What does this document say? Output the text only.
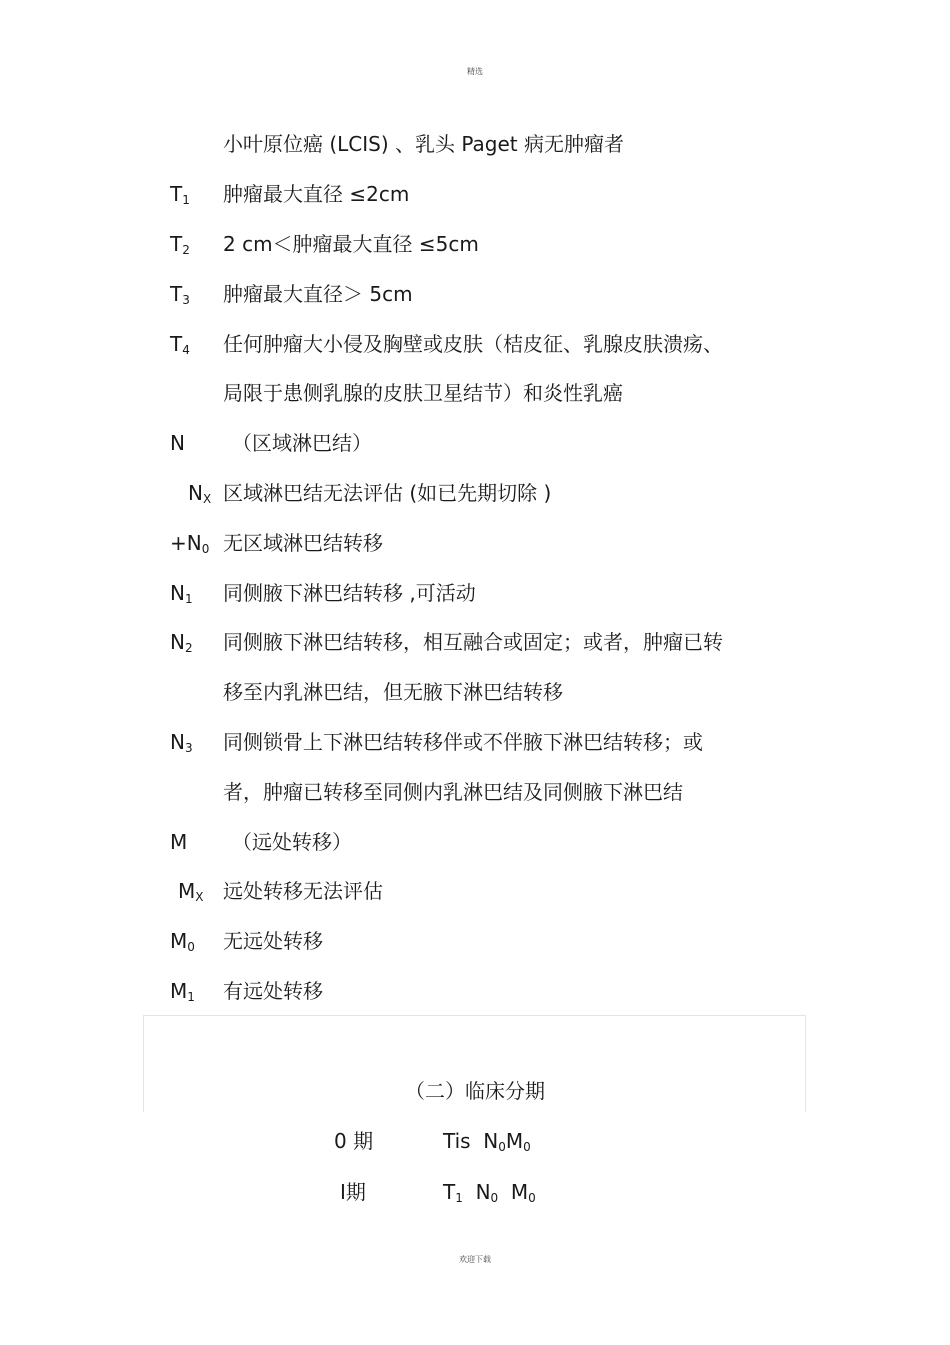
精选
小叶原位癌 (LCIS) 、乳头 Paget 病无肿瘤者
$T_1$ 肿瘤最大直径 ≤2cm
$T_2$ 2 cm＜肿瘤最大直径 ≤5cm
$T_3$ 肿瘤最大直径＞ 5cm
$T_4$ 任何肿瘤大小侵及胸壁或皮肤（桔皮征、乳腺皮肤溃疡、
局限于患侧乳腺的皮肤卫星结节）和炎性乳癌
N （区域淋巴结）
$N_X$ 区域淋巴结无法评估 (如已先期切除 )
$+N_0$ 无区域淋巴结转移
$N_1$ 同侧腋下淋巴结转移 ,可活动
$N_2$ 同侧腋下淋巴结转移，相互融合或固定；或者，肿瘤已转
移至内乳淋巴结，但无腋下淋巴结转移
$N_3$ 同侧锁骨上下淋巴结转移伴或不伴腋下淋巴结转移；或
者，肿瘤已转移至同侧内乳淋巴结及同侧腋下淋巴结
M （远处转移）
$M_X$ 远处转移无法评估
$M_0$ 无远处转移
$M_1$ 有远处转移
（二）临床分期
0 期	Tis $N_0M_0$
Ⅰ期	$T_1$ $N_0$ $M_0$
欢迎下载
